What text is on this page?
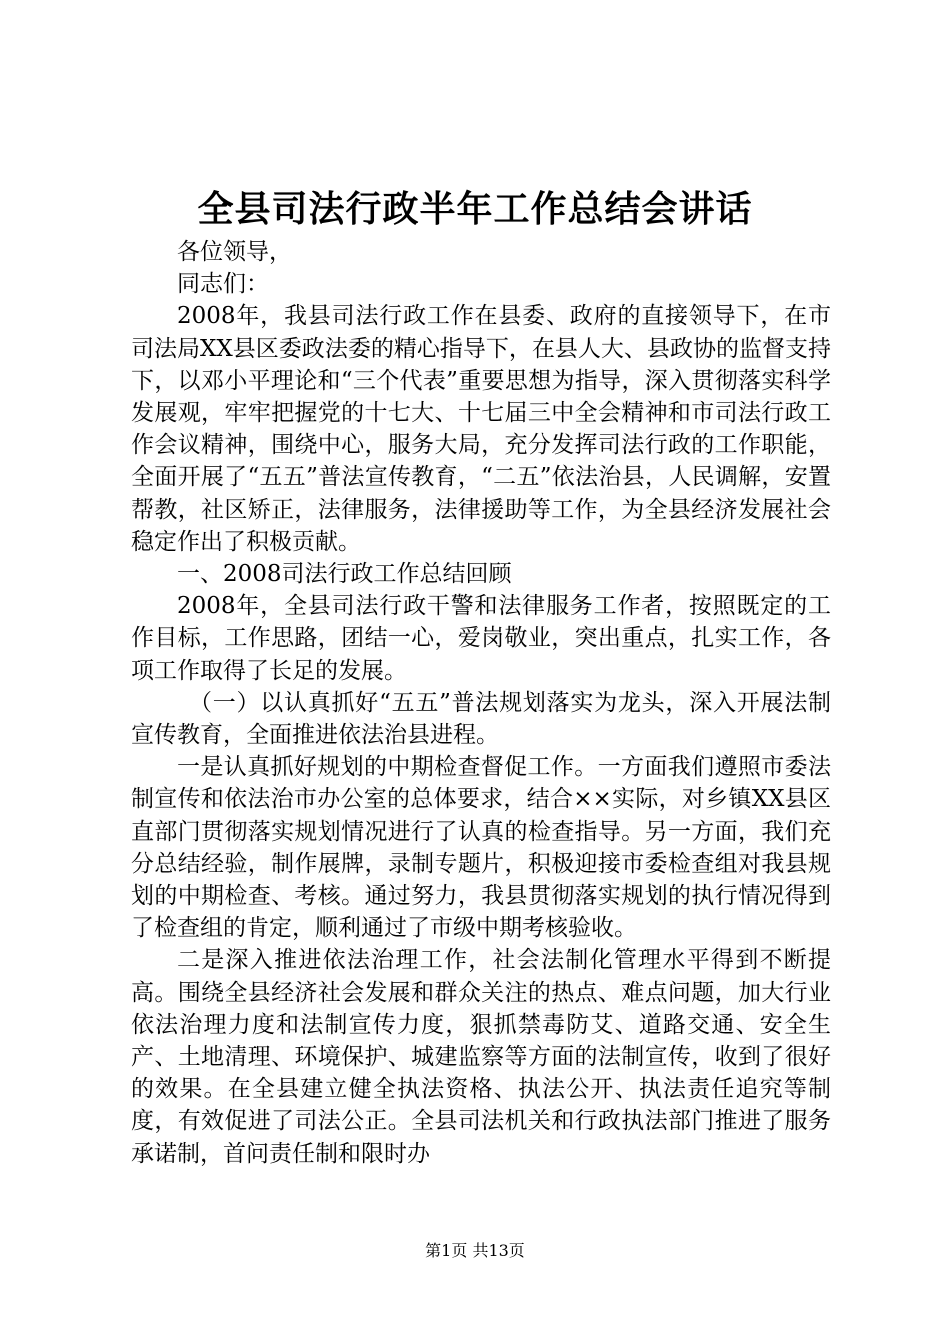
全县司法行政半年工作总结会讲话

各位领导，

同志们：

2008年，我县司法行政工作在县委、政府的直接领导下，在市司法局XX县区委政法委的精心指导下，在县人大、县政协的监督支持下，以邓小平理论和“三个代表”重要思想为指导，深入贯彻落实科学发展观，牢牢把握党的十七大、十七届三中全会精神和市司法行政工作会议精神，围绕中心，服务大局，充分发挥司法行政的工作职能，全面开展了“五五”普法宣传教育，“二五”依法治县，人民调解，安置帮教，社区矫正，法律服务，法律援助等工作，为全县经济发展社会稳定作出了积极贡献。

一、2008司法行政工作总结回顾

2008年，全县司法行政干警和法律服务工作者，按照既定的工作目标，工作思路，团结一心，爱岗敬业，突出重点，扎实工作，各项工作取得了长足的发展。

（一）以认真抓好“五五”普法规划落实为龙头，深入开展法制宣传教育，全面推进依法治县进程。

一是认真抓好规划的中期检查督促工作。一方面我们遵照市委法制宣传和依法治市办公室的总体要求，结合××实际，对乡镇XX县区直部门贯彻落实规划情况进行了认真的检查指导。另一方面，我们充分总结经验，制作展牌，录制专题片，积极迎接市委检查组对我县规划的中期检查、考核。通过努力，我县贯彻落实规划的执行情况得到了检查组的肯定，顺利通过了市级中期考核验收。

二是深入推进依法治理工作，社会法制化管理水平得到不断提高。围绕全县经济社会发展和群众关注的热点、难点问题，加大行业依法治理力度和法制宣传力度，狠抓禁毒防艾、道路交通、安全生产、土地清理、环境保护、城建监察等方面的法制宣传，收到了很好的效果。在全县建立健全执法资格、执法公开、执法责任追究等制度，有效促进了司法公正。全县司法机关和行政执法部门推进了服务承诺制，首问责任制和限时办

第1页 共13页
